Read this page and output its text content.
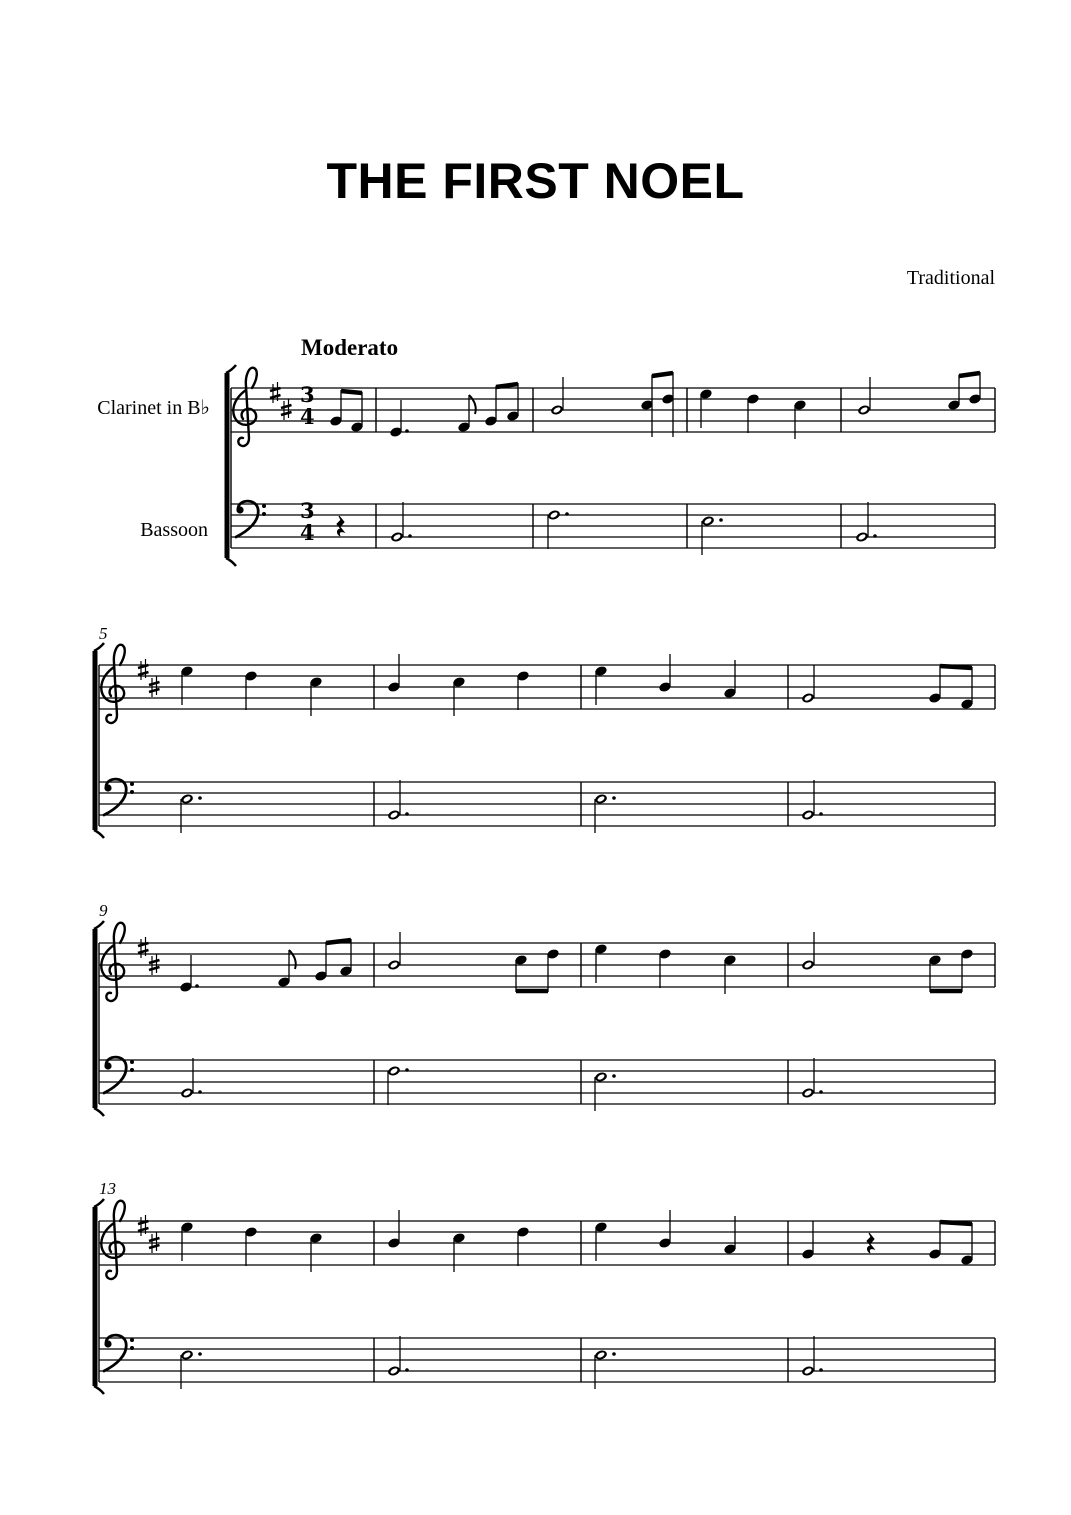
THE FIRST NOEL
Traditional
Moderato
Clarinet in B♭
Bassoon
5
9
13
3
4
3
4
